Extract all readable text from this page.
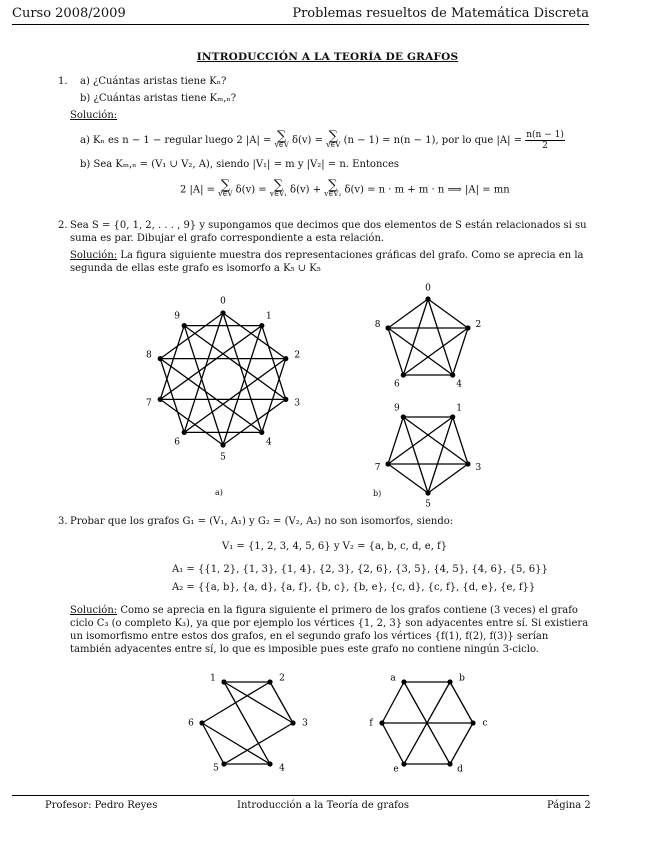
Curso 2008/2009	Problemas resueltos de Matemática Discreta
INTRODUCCIÓN A LA TEORÍA DE GRAFOS
1. a) ¿Cuántas aristas tiene Kₙ?
b) ¿Cuántas aristas tiene Kₘ,ₙ?
Solución:
a) Kₙ es n − 1 − regular luego 2 |A| = ∑
v∈V δ(v) = ∑
v∈V (n − 1) = n(n − 1), por lo que $|A| = \frac{n(n - 1)}{2}$
b) Sea Kₘ,ₙ = (V₁ ∪ V₂, A), siendo |V₁| = m y |V₂| = n. Entonces
2 |A| = ∑
v∈V δ(v) = ∑
v∈V₁ δ(v) + ∑
v∈V₂ δ(v) = n · m + m · n ⟹ |A| = mn
2. Sea S = {0, 1, 2, . . . , 9} y supongamos que decimos que dos elementos de S están relacionados si su suma es par. Dibujar el grafo correspondiente a esta relación.
Solución: La figura siguiente muestra dos representaciones gráficas del grafo. Como se aprecia en la segunda de ellas este grafo es isomorfo a K₅ ∪ K₅
0
1
2
3
4
5
6
7
8
9
a)
0
2
4
6
8
9	1
3
5
7
b)
3. Probar que los grafos G₁ = (V₁, A₁) y G₂ = (V₂, A₂) no son isomorfos, siendo:
V₁ = {1, 2, 3, 4, 5, 6} y V₂ = {a, b, c, d, e, f}
A₁ = {{1, 2}, {1, 3}, {1, 4}, {2, 3}, {2, 6}, {3, 5}, {4, 5}, {4, 6}, {5, 6}}
A₂ = {{a, b}, {a, d}, {a, f}, {b, c}, {b, e}, {c, d}, {c, f}, {d, e}, {e, f}}
Solución: Como se aprecia en la figura siguiente el primero de los grafos contiene (3 veces) el grafo ciclo C₃ (o completo K₃), ya que por ejemplo los vértices {1, 2, 3} son adyacentes entre sí. Si existiera un isomorfismo entre estos dos grafos, en el segundo grafo los vértices {f(1), f(2), f(3)} serían también adyacentes entre sí, lo que es imposible pues este grafo no contiene ningún 3-ciclo.
1	2
3
4
5
6
a	b
c
d
e
f
Profesor: Pedro Reyes	Introducción a la Teoría de grafos	Página 2
